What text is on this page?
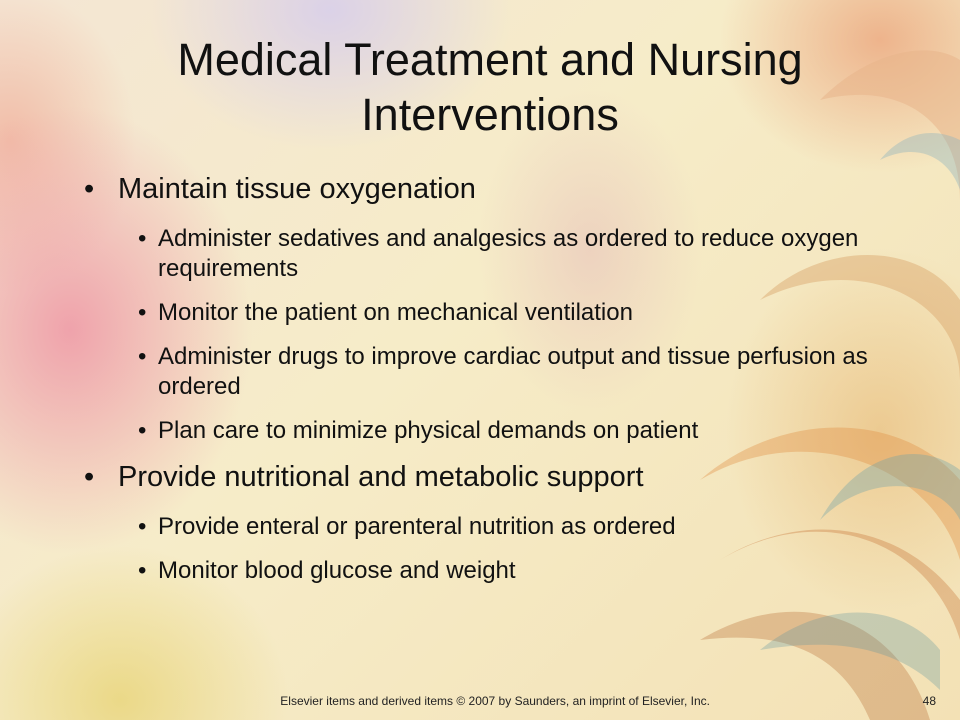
Medical Treatment and Nursing Interventions
• Maintain tissue oxygenation
• Administer sedatives and analgesics as ordered to reduce oxygen requirements
• Monitor the patient on mechanical ventilation
• Administer drugs to improve cardiac output and tissue perfusion as ordered
• Plan care to minimize physical demands on patient
• Provide nutritional and metabolic support
• Provide enteral or parenteral nutrition as ordered
• Monitor blood glucose and weight
Elsevier items and derived items © 2007 by Saunders, an imprint of Elsevier, Inc.	48
